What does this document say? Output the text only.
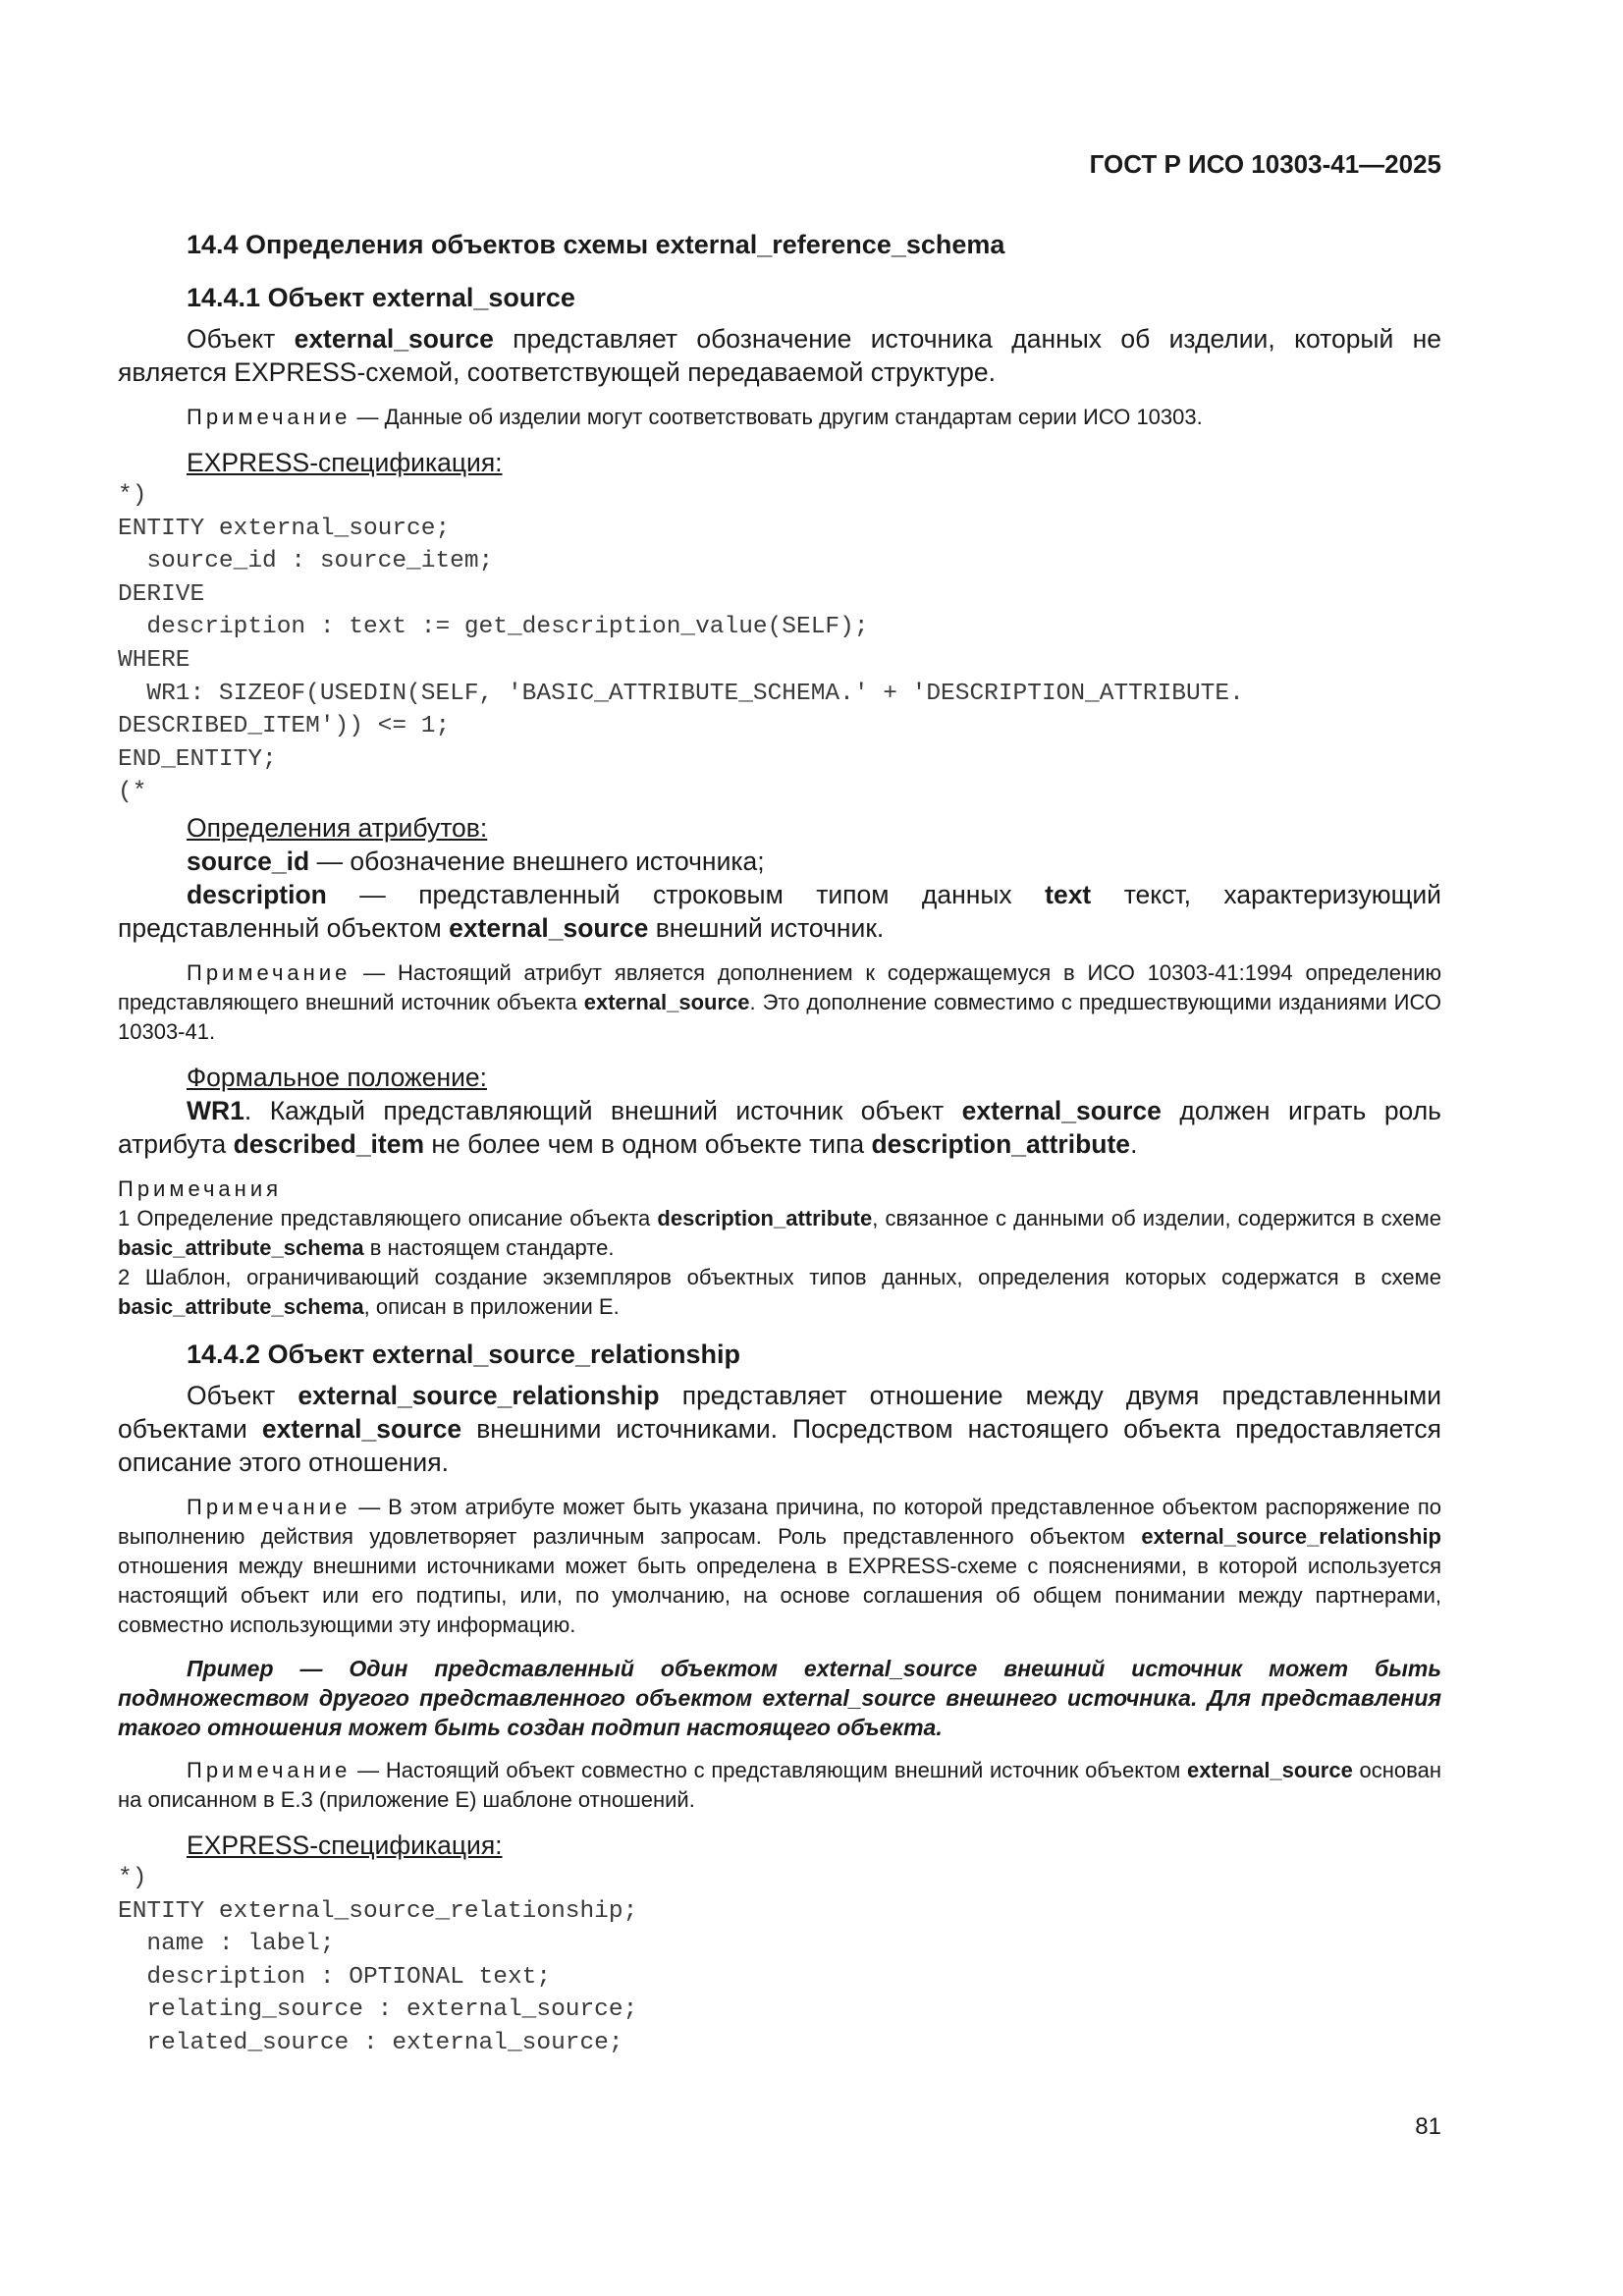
ГОСТ Р ИСО 10303-41—2025
14.4 Определения объектов схемы external_reference_schema
14.4.1 Объект external_source

Объект external_source представляет обозначение источника данных об изделии, который не является EXPRESS-схемой, соответствующей передаваемой структуре.

Примечание — Данные об изделии могут соответствовать другим стандартам серии ИСО 10303.

EXPRESS-спецификация:
*)
ENTITY external_source;
source_id : source_item;
DERIVE
description : text := get_description_value(SELF);
WHERE
WR1: SIZEOF(USEDIN(SELF, 'BASIC_ATTRIBUTE_SCHEMA.' + 'DESCRIPTION_ATTRIBUTE.
DESCRIBED_ITEM')) <= 1;
END_ENTITY;
(*
Определения атрибутов:

source_id — обозначение внешнего источника;

description — представленный строковым типом данных text текст, характеризующий представленный объектом external_source внешний источник.

Примечание — Настоящий атрибут является дополнением к содержащемуся в ИСО 10303-41:1994 определению представляющего внешний источник объекта external_source. Это дополнение совместимо с предшествующими изданиями ИСО 10303-41.

Формальное положение:

WR1. Каждый представляющий внешний источник объект external_source должен играть роль атрибута described_item не более чем в одном объекте типа description_attribute.

Примечания

1 Определение представляющего описание объекта description_attribute, связанное с данными об изделии, содержится в схеме basic_attribute_schema в настоящем стандарте.

2 Шаблон, ограничивающий создание экземпляров объектных типов данных, определения которых содержатся в схеме basic_attribute_schema, описан в приложении Е.

14.4.2 Объект external_source_relationship

Объект external_source_relationship представляет отношение между двумя представленными объектами external_source внешними источниками. Посредством настоящего объекта предоставляется описание этого отношения.

Примечание — В этом атрибуте может быть указана причина, по которой представленное объектом распоряжение по выполнению действия удовлетворяет различным запросам. Роль представленного объектом external_source_relationship отношения между внешними источниками может быть определена в EXPRESS-схеме с пояснениями, в которой используется настоящий объект или его подтипы, или, по умолчанию, на основе соглашения об общем понимании между партнерами, совместно использующими эту информацию.

Пример — Один представленный объектом external_source внешний источник может быть подмножеством другого представленного объектом external_source внешнего источника. Для представления такого отношения может быть создан подтип настоящего объекта.

Примечание — Настоящий объект совместно с представляющим внешний источник объектом external_source основан на описанном в Е.3 (приложение Е) шаблоне отношений.

EXPRESS-спецификация:
*)
ENTITY external_source_relationship;
name : label;
description : OPTIONAL text;
relating_source : external_source;
related_source : external_source;
81
